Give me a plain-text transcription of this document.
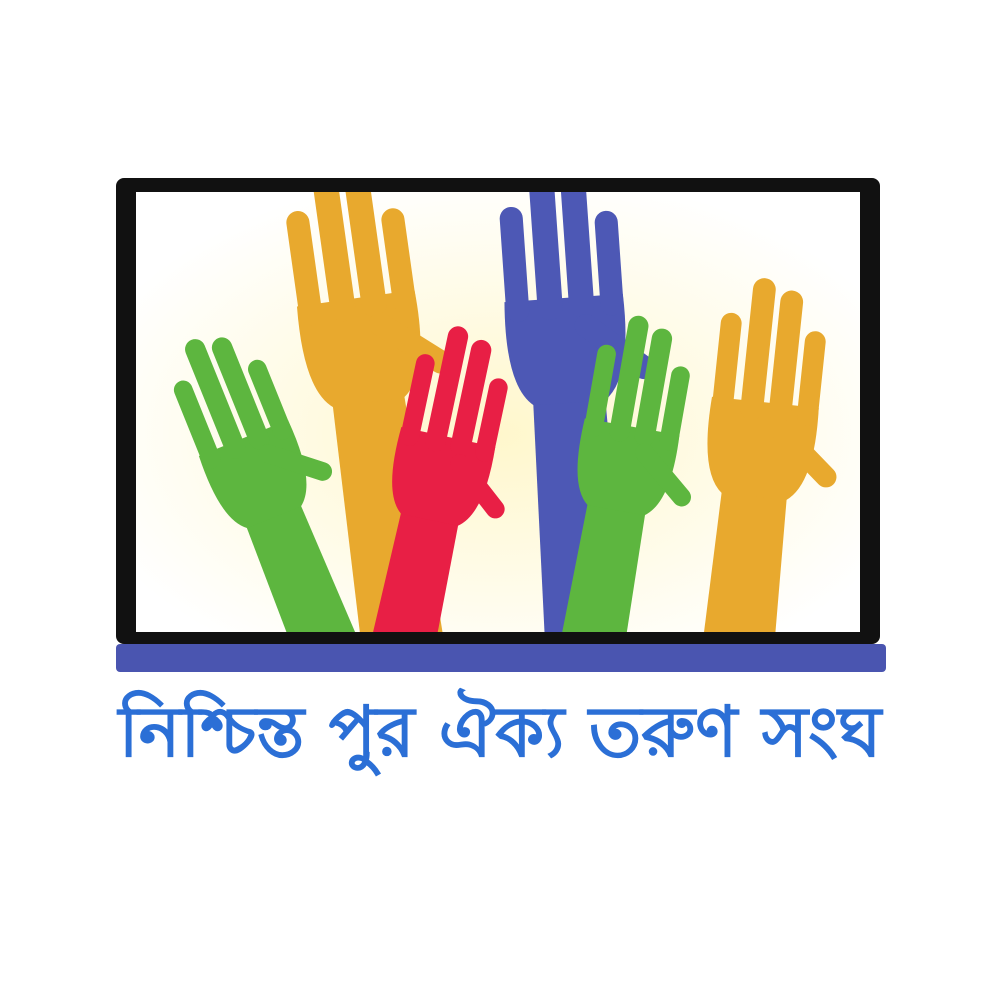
নিশ্চিন্ত পুর ঐক্য তরুণ সংঘ
